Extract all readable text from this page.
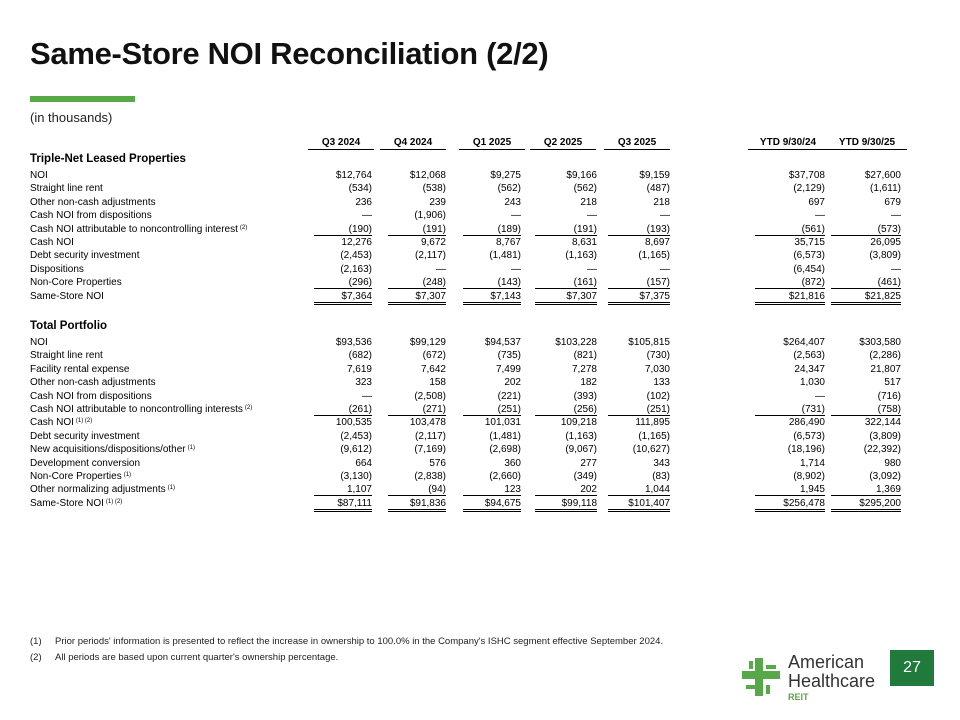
Same-Store NOI Reconciliation (2/2)
(in thousands)
Q3 2024	Q4 2024	Q1 2025	Q2 2025	Q3 2025	YTD 9/30/24	YTD 9/30/25
Triple-Net Leased Properties
NOI	$12,764	$12,068	$9,275	$9,166	$9,159	$37,708	$27,600
Straight line rent	(534)	(538)	(562)	(562)	(487)	(2,129)	(1,611)
Other non-cash adjustments	236	239	243	218	218	697	679
Cash NOI from dispositions	—	(1,906)	—	—	—	—	—
Cash NOI attributable to noncontrolling interest $^{(2)}$	(190)	(191)	(189)	(191)	(193)	(561)	(573)
Cash NOI	12,276	9,672	8,767	8,631	8,697	35,715	26,095
Debt security investment	(2,453)	(2,117)	(1,481)	(1,163)	(1,165)	(6,573)	(3,809)
Dispositions	(2,163)	—	—	—	—	(6,454)	—
Non-Core Properties	(296)	(248)	(143)	(161)	(157)	(872)	(461)
Same-Store NOI	$7,364	$7,307	$7,143	$7,307	$7,375	$21,816	$21,825
Total Portfolio
NOI	$93,536	$99,129	$94,537	$103,228	$105,815	$264,407	$303,580
Straight line rent	(682)	(672)	(735)	(821)	(730)	(2,563)	(2,286)
Facility rental expense	7,619	7,642	7,499	7,278	7,030	24,347	21,807
Other non-cash adjustments	323	158	202	182	133	1,030	517
Cash NOI from dispositions	—	(2,508)	(221)	(393)	(102)	—	(716)
Cash NOI attributable to noncontrolling interests $^{(2)}$	(261)	(271)	(251)	(256)	(251)	(731)	(758)
Cash NOI $^{(1) (2)}$	100,535	103,478	101,031	109,218	111,895	286,490	322,144
Debt security investment	(2,453)	(2,117)	(1,481)	(1,163)	(1,165)	(6,573)	(3,809)
New acquisitions/dispositions/other $^{(1)}$	(9,612)	(7,169)	(2,698)	(9,067)	(10,627)	(18,196)	(22,392)
Development conversion	664	576	360	277	343	1,714	980
Non-Core Properties $^{(1)}$	(3,130)	(2,838)	(2,660)	(349)	(83)	(8,902)	(3,092)
Other normalizing adjustments $^{(1)}$	1,107	(94)	123	202	1,044	1,945	1,369
Same-Store NOI $^{(1) (2)}$	$87,111	$91,836	$94,675	$99,118	$101,407	$256,478	$295,200
(1) Prior periods' information is presented to reflect the increase in ownership to 100.0% in the Company's ISHC segment effective September 2024.
(2) All periods are based upon current quarter's ownership percentage.	American
Healthcare
REIT
27
